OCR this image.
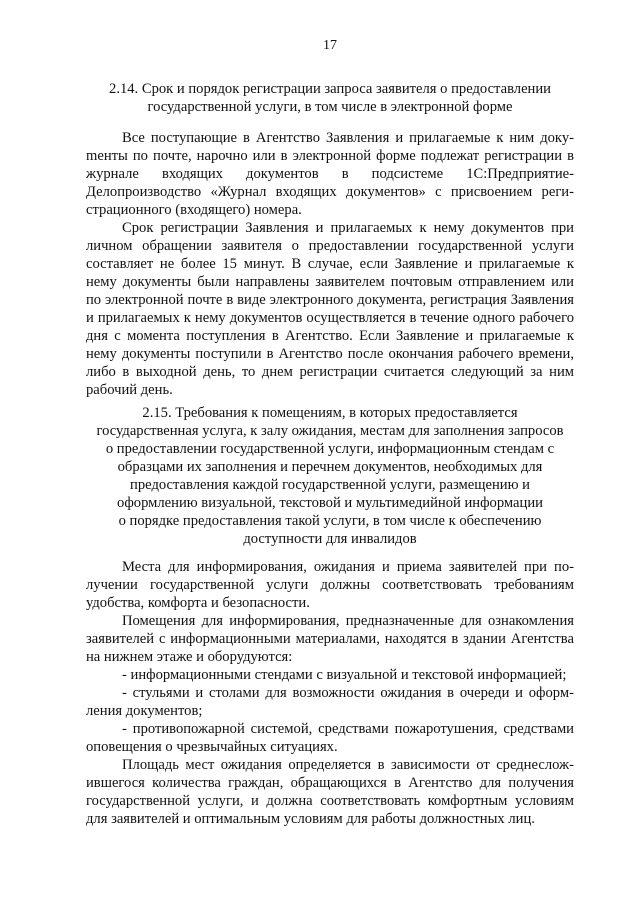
17
2.14. Срок и порядок регистрации запроса заявителя о предоставлении
государственной услуги, в том числе в электронной форме

Все поступающие в Агентство Заявления и прилагаемые к ним докуmенты по почте, нарочно или в электронной форме подлежат регистрации в журнале входящих документов в подсистеме 1С:Предприятие-Делопроизводство «Журнал входящих документов» с присвоением регистрационного (входящего) номера.

Срок регистрации Заявления и прилагаемых к нему документов при личном обращении заявителя о предоставлении государственной услуги составляет не более 15 минут. В случае, если Заявление и прилагаемые к нему документы были направлены заявителем почтовым отправлением или по электронной почте в виде электронного документа, регистрация Заявления и прилагаемых к нему документов осуществляется в течение одного рабочего дня с момента поступления в Агентство. Если Заявление и прилагаемые к нему документы поступили в Агентство после окончания рабочего времени, либо в выходной день, то днем регистрации считается следующий за ним рабочий день.

2.15. Требования к помещениям, в которых предоставляется
государственная услуга, к залу ожидания, местам для заполнения запросов
о предоставлении государственной услуги, информационным стендам с
образцами их заполнения и перечнем документов, необходимых для
предоставления каждой государственной услуги, размещению и
оформлению визуальной, текстовой и мультимедийной информации
о порядке предоставления такой услуги, в том числе к обеспечению
доступности для инвалидов

Места для информирования, ожидания и приема заявителей при получении государственной услуги должны соответствовать требованиям удобства, комфорта и безопасности.

Помещения для информирования, предназначенные для ознакомления заявителей с информационными материалами, находятся в здании Агентства на нижнем этаже и оборудуются:

- информационными стендами с визуальной и текстовой информацией;

- стульями и столами для возможности ожидания в очереди и оформления документов;

- противопожарной системой, средствами пожаротушения, средствами оповещения о чрезвычайных ситуациях.

Площадь мест ожидания определяется в зависимости от среднесложившегося количества граждан, обращающихся в Агентство для получения государственной услуги, и должна соответствовать комфортным условиям для заявителей и оптимальным условиям для работы должностных лиц.
